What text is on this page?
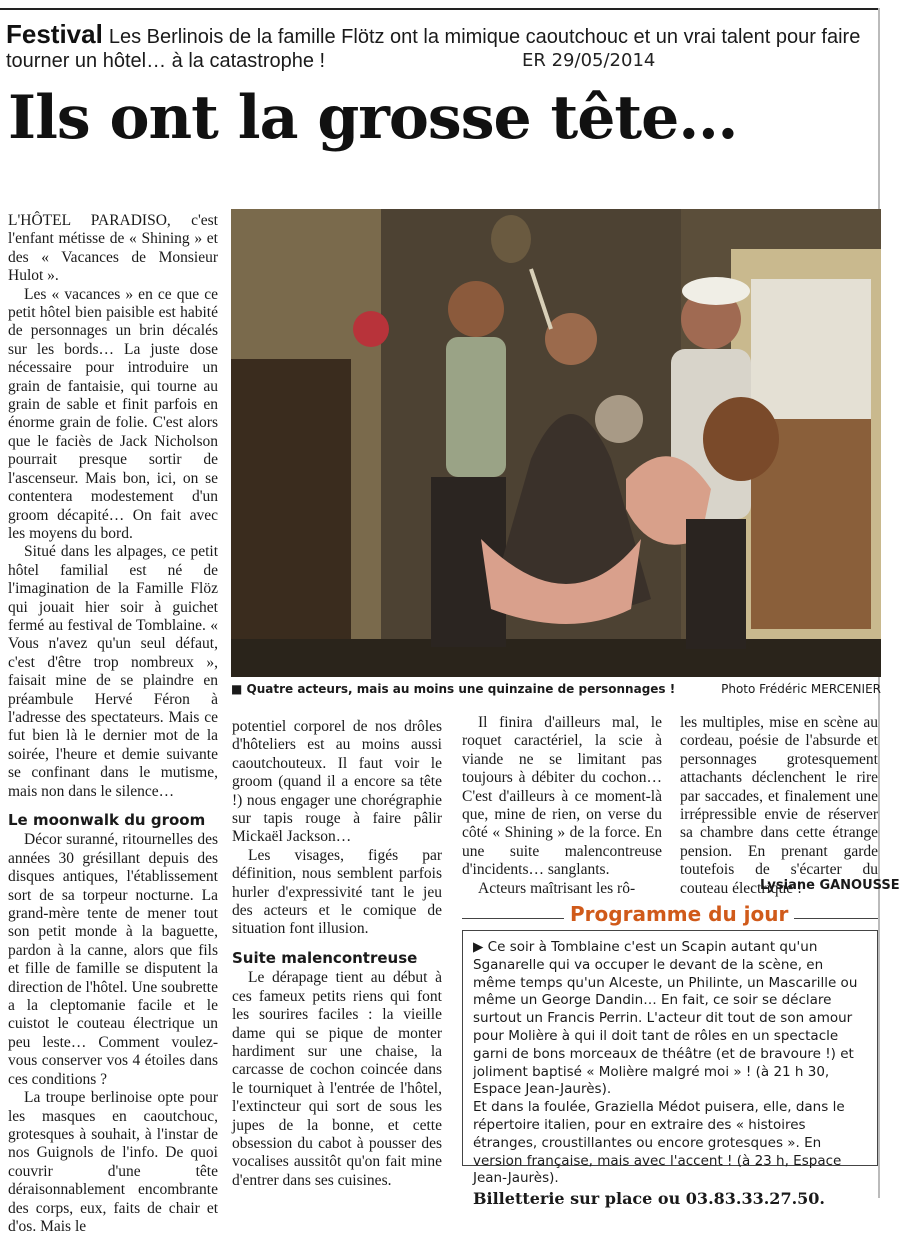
Festival Les Berlinois de la famille Flötz ont la mimique caoutchouc et un vrai talent pour faire tourner un hôtel… à la catastrophe !	ER 29/05/2014
Ils ont la grosse tête…

L'HÔTEL PARADISO, c'est l'enfant métisse de « Shining » et des « Vacances de Monsieur Hulot ».

Les « vacances » en ce que ce petit hôtel bien paisible est habité de personnages un brin décalés sur les bords… La juste dose nécessaire pour introduire un grain de fantaisie, qui tourne au grain de sable et finit parfois en énorme grain de folie. C'est alors que le faciès de Jack Nicholson pourrait presque sortir de l'ascenseur. Mais bon, ici, on se contentera modestement d'un groom décapité… On fait avec les moyens du bord.

Situé dans les alpages, ce petit hôtel familial est né de l'imagination de la Famille Flöz qui jouait hier soir à guichet fermé au festival de Tomblaine. « Vous n'avez qu'un seul défaut, c'est d'être trop nombreux », faisait mine de se plaindre en préambule Hervé Féron à l'adresse des spectateurs. Mais ce fut bien là le dernier mot de la soirée, l'heure et demie suivante se confinant dans le mutisme, mais non dans le silence…

Le moonwalk du groom

Décor suranné, ritournelles des années 30 grésillant depuis des disques antiques, l'établissement sort de sa torpeur nocturne. La grand-mère tente de mener tout son petit monde à la baguette, pardon à la canne, alors que fils et fille de famille se disputent la direction de l'hôtel. Une soubrette a la cleptomanie facile et le cuistot le couteau électrique un peu leste… Comment voulez-vous conserver vos 4 étoiles dans ces conditions ?

La troupe berlinoise opte pour les masques en caoutchouc, grotesques à souhait, à l'instar de nos Guignols de l'info. De quoi couvrir d'une tête déraisonnablement encombrante des corps, eux, faits de chair et d'os. Mais le

■ Quatre acteurs, mais au moins une quinzaine de personnages !	Photo Frédéric MERCENIER

potentiel corporel de nos drôles d'hôteliers est au moins aussi caoutchouteux. Il faut voir le groom (quand il a encore sa tête !) nous engager une chorégraphie sur tapis rouge à faire pâlir Mickaël Jackson…

Les visages, figés par définition, nous semblent parfois hurler d'expressivité tant le jeu des acteurs et le comique de situation font illusion.

Suite malencontreuse

Le dérapage tient au début à ces fameux petits riens qui font les sourires faciles : la vieille dame qui se pique de monter hardiment sur une chaise, la carcasse de cochon coincée dans le tourniquet à l'entrée de l'hôtel, l'extincteur qui sort de sous les jupes de la bonne, et cette obsession du cabot à pousser des vocalises aussitôt qu'on fait mine d'entrer dans ses cuisines.

Il finira d'ailleurs mal, le roquet caractériel, la scie à viande ne se limitant pas toujours à débiter du cochon… C'est d'ailleurs à ce moment-là que, mine de rien, on verse du côté « Shining » de la force. En une suite malencontreuse d'incidents… sanglants.

Acteurs maîtrisant les rô-

les multiples, mise en scène au cordeau, poésie de l'absurde et personnages grotesquement attachants déclenchent le rire par saccades, et finalement une irrépressible envie de réserver sa chambre dans cette étrange pension. En prenant garde toutefois de s'écarter du couteau électrique !

Lysiane GANOUSSE
Programme du jour

▶ Ce soir à Tomblaine c'est un Scapin autant qu'un Sganarelle qui va occuper le devant de la scène, en même temps qu'un Alceste, un Philinte, un Mascarille ou même un George Dandin… En fait, ce soir se déclare surtout un Francis Perrin. L'acteur dit tout de son amour pour Molière à qui il doit tant de rôles en un spectacle garni de bons morceaux de théâtre (et de bravoure !) et joliment baptisé « Molière malgré moi » ! (à 21 h 30, Espace Jean-Jaurès).

Et dans la foulée, Graziella Médot puisera, elle, dans le répertoire italien, pour en extraire des « histoires étranges, croustillantes ou encore grotesques ». En version française, mais avec l'accent ! (à 23 h, Espace Jean-Jaurès).

Billetterie sur place ou 03.83.33.27.50.
